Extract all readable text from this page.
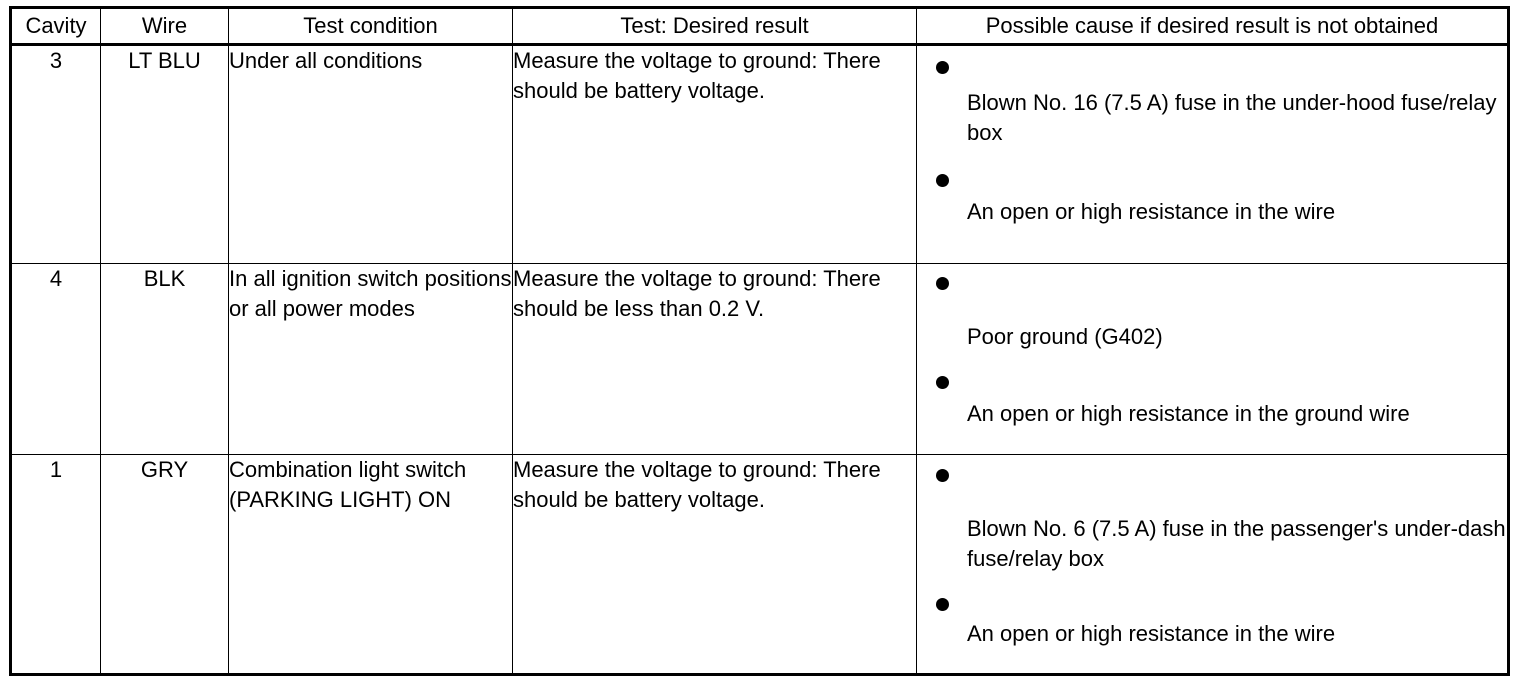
Cavity	Wire	Test condition	Test: Desired result	Possible cause if desired result is not obtained
3	LT BLU	Under all conditions	Measure the voltage to ground: There should be battery voltage.	Blown No. 16 (7.5 A) fuse in the under-hood fuse/relay box
An open or high resistance in the wire

4	BLK	In all ignition switch positions or all power modes	Measure the voltage to ground: There should be less than 0.2 V.	Poor ground (G402)
An open or high resistance in the ground wire

1	GRY	Combination light switch (PARKING LIGHT) ON	Measure the voltage to ground: There should be battery voltage.	Blown No. 6 (7.5 A) fuse in the passenger's under-dash fuse/relay box
An open or high resistance in the wire
